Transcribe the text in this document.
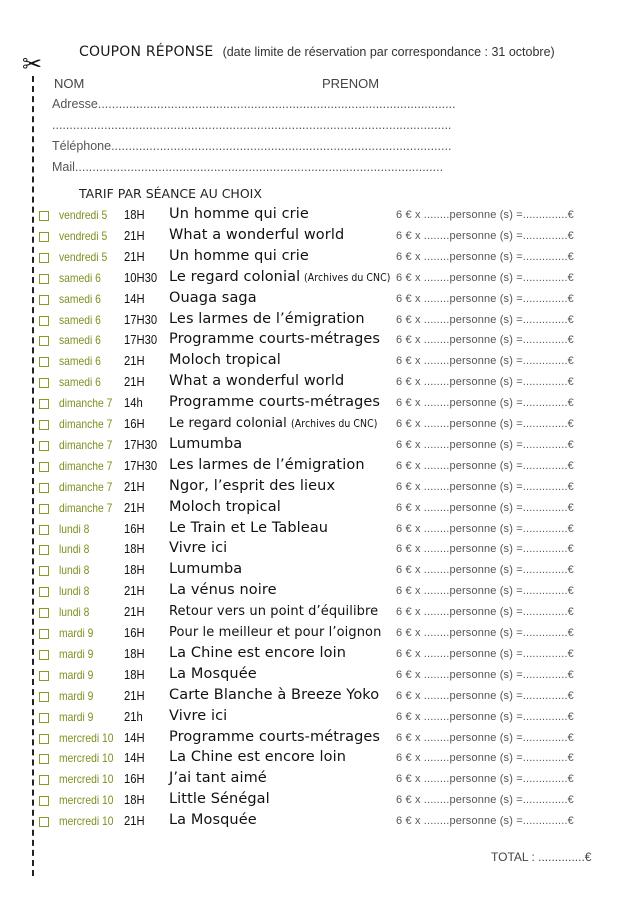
✂	COUPON RÉPONSE (date limite de réservation par correspondance : 31 octobre)
NOM	PRENOM
Adresse.......................................................................................................
...................................................................................................................
Téléphone..................................................................................................
Mail..........................................................................................................
TARIF PAR SÉANCE AU CHOIX
vendredi 5 18H Un homme qui crie	6 € x ........personne (s) =..............€
vendredi 5 21H What a wonderful world	6 € x ........personne (s) =..............€
vendredi 5 21H Un homme qui crie	6 € x ........personne (s) =..............€
samedi 6 10H30 Le regard colonial (Archives du CNC) 6 € x ........personne (s) =..............€
samedi 6 14H Ouaga saga	6 € x ........personne (s) =..............€
samedi 6 17H30 Les larmes de l’émigration	6 € x ........personne (s) =..............€
samedi 6 17H30 Programme courts-métrages 6 € x ........personne (s) =..............€
samedi 6 21H Moloch tropical	6 € x ........personne (s) =..............€
samedi 6 21H What a wonderful world	6 € x ........personne (s) =..............€
dimanche 7 14h Programme courts-métrages 6 € x ........personne (s) =..............€
dimanche 7 16H Le regard colonial (Archives du CNC)	6 € x ........personne (s) =..............€
dimanche 7 17H30 Lumumba	6 € x ........personne (s) =..............€
dimanche 7 17H30 Les larmes de l’émigration	6 € x ........personne (s) =..............€
dimanche 7 21H Ngor, l’esprit des lieux	6 € x ........personne (s) =..............€
dimanche 7 21H Moloch tropical	6 € x ........personne (s) =..............€
lundi 8	16H Le Train et Le Tableau	6 € x ........personne (s) =..............€
lundi 8	18H Vivre ici	6 € x ........personne (s) =..............€
lundi 8	18H Lumumba	6 € x ........personne (s) =..............€
lundi 8	21H La vénus noire	6 € x ........personne (s) =..............€
lundi 8	21H Retour vers un point d’équilibre 6 € x ........personne (s) =..............€
mardi 9 16H Pour le meilleur et pour l’oignon 6 € x ........personne (s) =..............€
mardi 9 18H La Chine est encore loin	6 € x ........personne (s) =..............€
mardi 9 18H La Mosquée	6 € x ........personne (s) =..............€
mardi 9 21H Carte Blanche à Breeze Yoko 6 € x ........personne (s) =..............€
mardi 9 21h Vivre ici	6 € x ........personne (s) =..............€
mercredi 10 14H Programme courts-métrages 6 € x ........personne (s) =..............€
mercredi 10 14H La Chine est encore loin	6 € x ........personne (s) =..............€
mercredi 10 16H J’ai tant aimé	6 € x ........personne (s) =..............€
mercredi 10 18H Little Sénégal	6 € x ........personne (s) =..............€
mercredi 10 21H La Mosquée	6 € x ........personne (s) =..............€
TOTAL : ..............€
